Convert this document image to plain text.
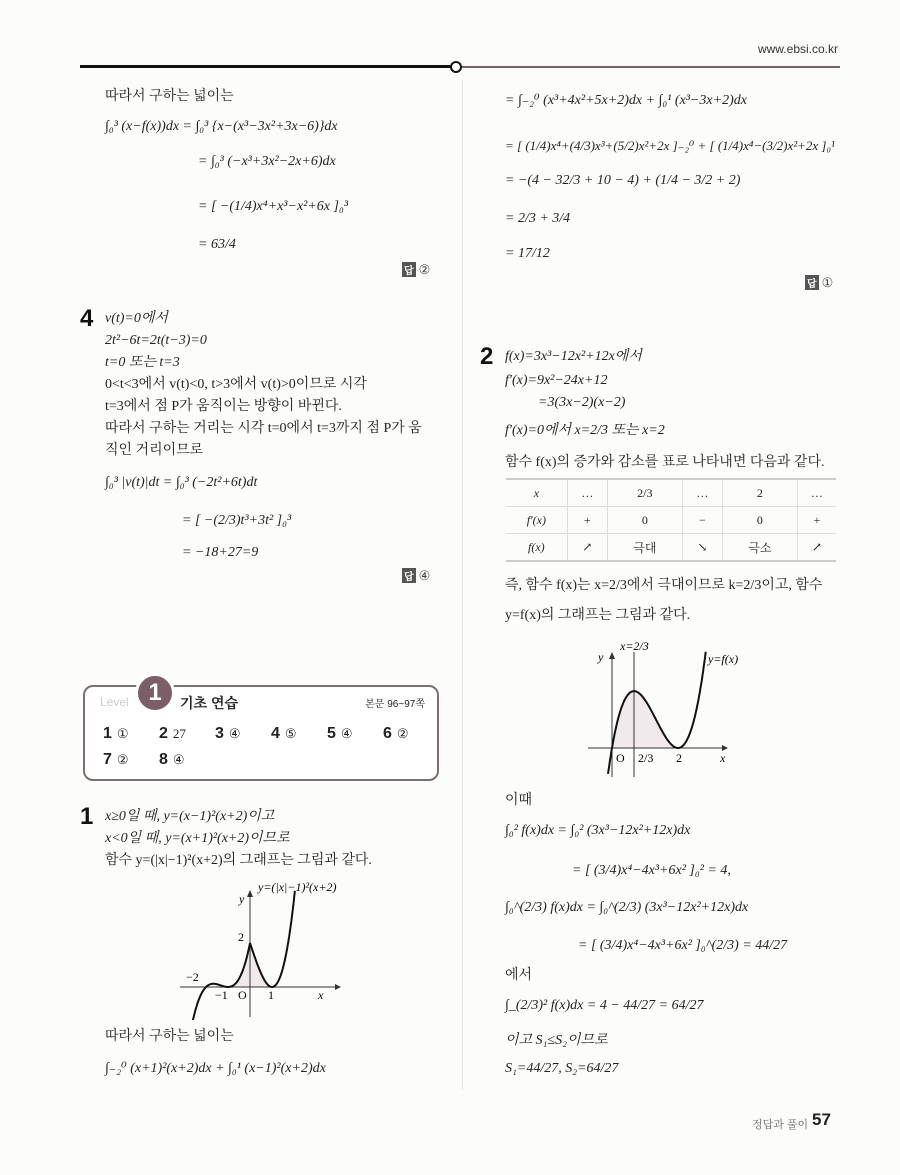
www.ebsi.co.kr
따라서 구하는 넓이는
∫₀³ (x−f(x))dx = ∫₀³ {x−(x³−3x²+3x−6)}dx
= ∫₀³ (−x³+3x²−2x+6)dx
= [ −(1/4)x⁴+x³−x²+6x ]₀³
= 63/4
답 ②
4 v(t)=0에서
2t²−6t=2t(t−3)=0
t=0 또는 t=3
0<t<3에서 v(t)<0, t>3에서 v(t)>0이므로 시각
t=3에서 점 P가 움직이는 방향이 바뀐다.
따라서 구하는 거리는 시각 t=0에서 t=3까지 점 P가 움
직인 거리이므로
∫₀³ |v(t)|dt = ∫₀³ (−2t²+6t)dt
= [ −(2/3)t³+3t² ]₀³
= −18+27=9
답 ④
Level 1	기초 연습	본문 96~97쪽
1 ① 2 27 3 ④ 4 ⑤ 5 ④ 6 ②
7 ② 8 ④
1 x≥0일 때, y=(x−1)²(x+2)이고
x<0일 때, y=(x+1)²(x+2)이므로
함수 y=(|x|−1)²(x+2)의 그래프는 그림과 같다.
y=(|x|−1)²(x+2)
y
x
2
−2
−1 O 1
따라서 구하는 넓이는
∫₋₂⁰ (x+1)²(x+2)dx + ∫₀¹ (x−1)²(x+2)dx
= ∫₋₂⁰ (x³+4x²+5x+2)dx + ∫₀¹ (x³−3x+2)dx
= [ (1/4)x⁴+(4/3)x³+(5/2)x²+2x ]₋₂⁰ + [ (1/4)x⁴−(3/2)x²+2x ]₀¹
= −(4 − 32/3 + 10 − 4) + (1/4 − 3/2 + 2)
= 2/3 + 3/4
= 17/12
답 ①
2 f(x)=3x³−12x²+12x에서
f′(x)=9x²−24x+12
=3(3x−2)(x−2)
f′(x)=0에서 x=2/3 또는 x=2
함수 f(x)의 증가와 감소를 표로 나타내면 다음과 같다.
x	…	2/3	…	2	…
f′(x)	+	0	−	0	+
f(x)	↗	극대	↘	극소	↗
즉, 함수 f(x)는 x=2/3에서 극대이므로 k=2/3이고, 함수
y=f(x)의 그래프는 그림과 같다.
y=f(x)
x=2/3
y
x
O 2/3 2
이때
∫₀² f(x)dx = ∫₀² (3x³−12x²+12x)dx
= [ (3/4)x⁴−4x³+6x² ]₀² = 4,
∫₀^(2/3) f(x)dx = ∫₀^(2/3) (3x³−12x²+12x)dx
= [ (3/4)x⁴−4x³+6x² ]₀^(2/3) = 44/27
에서
∫_(2/3)² f(x)dx = 4 − 44/27 = 64/27
이고 S₁≤S₂이므로
S₁=44/27, S₂=64/27
정답과 풀이 57
